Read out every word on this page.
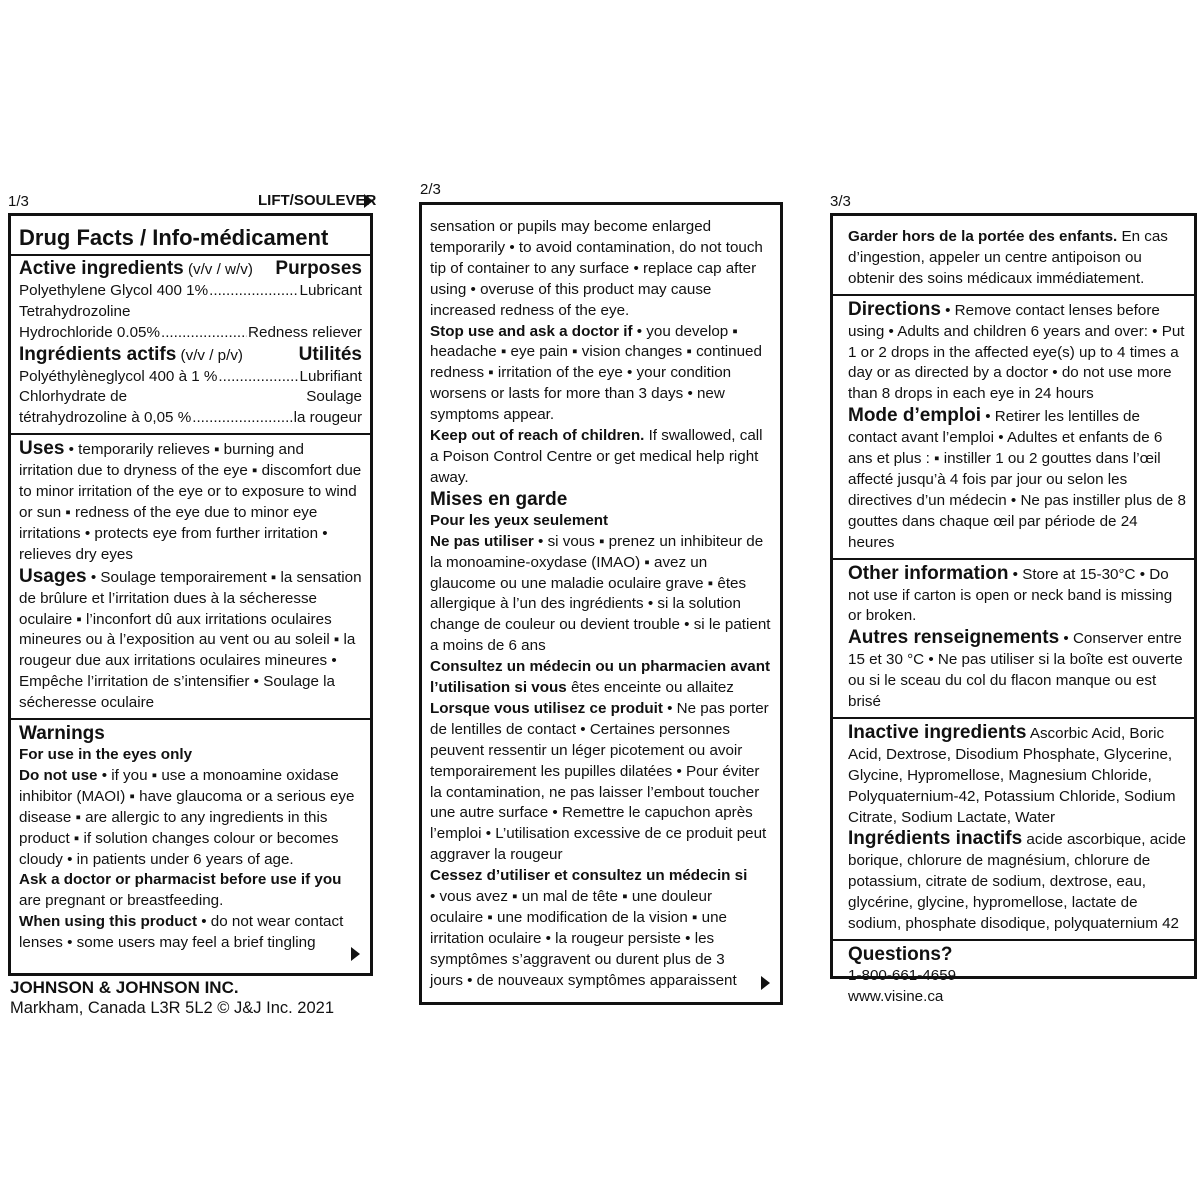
1/3	LIFT/SOULEVER
Drug Facts / Info-médicament
Active ingredients (v/v / w/v) Purposes
Polyethylene Glycol 400 1% .....	Lubricant
Tetrahydrozoline
Hydrochloride 0.05% .....	Redness reliever
Ingrédients actifs (v/v / p/v)	Utilités
Polyéthylèneglycol 400 à 1 % .....	Lubrifiant
Chlorhydrate de	Soulage
tétrahydrozoline à 0,05 % .....	la rougeur
Uses • temporarily relieves ▪ burning and irritation due to dryness of the eye ▪ discomfort due to minor irritation of the eye or to exposure to wind or sun ▪ redness of the eye due to minor eye irritations • protects eye from further irritation • relieves dry eyes
Usages • Soulage temporairement ▪ la sensation de brûlure et l’irritation dues à la sécheresse oculaire ▪ l’inconfort dû aux irritations oculaires mineures ou à l’exposition au vent ou au soleil ▪ la rougeur due aux irritations oculaires mineures • Empêche l’irritation de s’intensifier • Soulage la sécheresse oculaire
Warnings
For use in the eyes only
Do not use • if you ▪ use a monoamine oxidase inhibitor (MAOI) ▪ have glaucoma or a serious eye disease ▪ are allergic to any ingredients in this product ▪ if solution changes colour or becomes cloudy • in patients under 6 years of age.
Ask a doctor or pharmacist before use if you are pregnant or breastfeeding.
When using this product • do not wear contact lenses • some users may feel a brief tingling
JOHNSON & JOHNSON INC.
Markham, Canada L3R 5L2 © J&J Inc. 2021
2/3
sensation or pupils may become enlarged temporarily • to avoid contamination, do not touch tip of container to any surface • replace cap after using • overuse of this product may cause increased redness of the eye.
Stop use and ask a doctor if • you develop ▪ headache ▪ eye pain ▪ vision changes ▪ continued redness ▪ irritation of the eye • your condition worsens or lasts for more than 3 days • new symptoms appear.
Keep out of reach of children. If swallowed, call a Poison Control Centre or get medical help right away.
Mises en garde
Pour les yeux seulement
Ne pas utiliser • si vous ▪ prenez un inhibiteur de la monoamine-oxydase (IMAO) ▪ avez un glaucome ou une maladie oculaire grave ▪ êtes allergique à l’un des ingrédients • si la solution change de couleur ou devient trouble • si le patient a moins de 6 ans
Consultez un médecin ou un pharmacien avant l’utilisation si vous êtes enceinte ou allaitez
Lorsque vous utilisez ce produit • Ne pas porter de lentilles de contact • Certaines personnes peuvent ressentir un léger picotement ou avoir temporairement les pupilles dilatées • Pour éviter la contamination, ne pas laisser l’embout toucher une autre surface • Remettre le capuchon après l’emploi • L’utilisation excessive de ce produit peut aggraver la rougeur
Cessez d’utiliser et consultez un médecin si
• vous avez ▪ un mal de tête ▪ une douleur oculaire ▪ une modification de la vision ▪ une irritation oculaire • la rougeur persiste • les symptômes s’aggravent ou durent plus de 3 jours • de nouveaux symptômes apparaissent
3/3
Garder hors de la portée des enfants. En cas d’ingestion, appeler un centre antipoison ou obtenir des soins médicaux immédiatement.
Directions • Remove contact lenses before using • Adults and children 6 years and over: • Put 1 or 2 drops in the affected eye(s) up to 4 times a day or as directed by a doctor • do not use more than 8 drops in each eye in 24 hours
Mode d’emploi • Retirer les lentilles de contact avant l’emploi • Adultes et enfants de 6 ans et plus : ▪ instiller 1 ou 2 gouttes dans l’œil affecté jusqu’à 4 fois par jour ou selon les directives d’un médecin • Ne pas instiller plus de 8 gouttes dans chaque œil par période de 24 heures
Other information • Store at 15-30°C • Do not use if carton is open or neck band is missing or broken.
Autres renseignements • Conserver entre 15 et 30 °C • Ne pas utiliser si la boîte est ouverte ou si le sceau du col du flacon manque ou est brisé
Inactive ingredients Ascorbic Acid, Boric Acid, Dextrose, Disodium Phosphate, Glycerine, Glycine, Hypromellose, Magnesium Chloride, Polyquaternium-42, Potassium Chloride, Sodium Citrate, Sodium Lactate, Water
Ingrédients inactifs acide ascorbique, acide borique, chlorure de magnésium, chlorure de potassium, citrate de sodium, dextrose, eau, glycérine, glycine, hypromellose, lactate de sodium, phosphate disodique, polyquaternium 42
Questions?
1-800-661-4659
www.visine.ca
